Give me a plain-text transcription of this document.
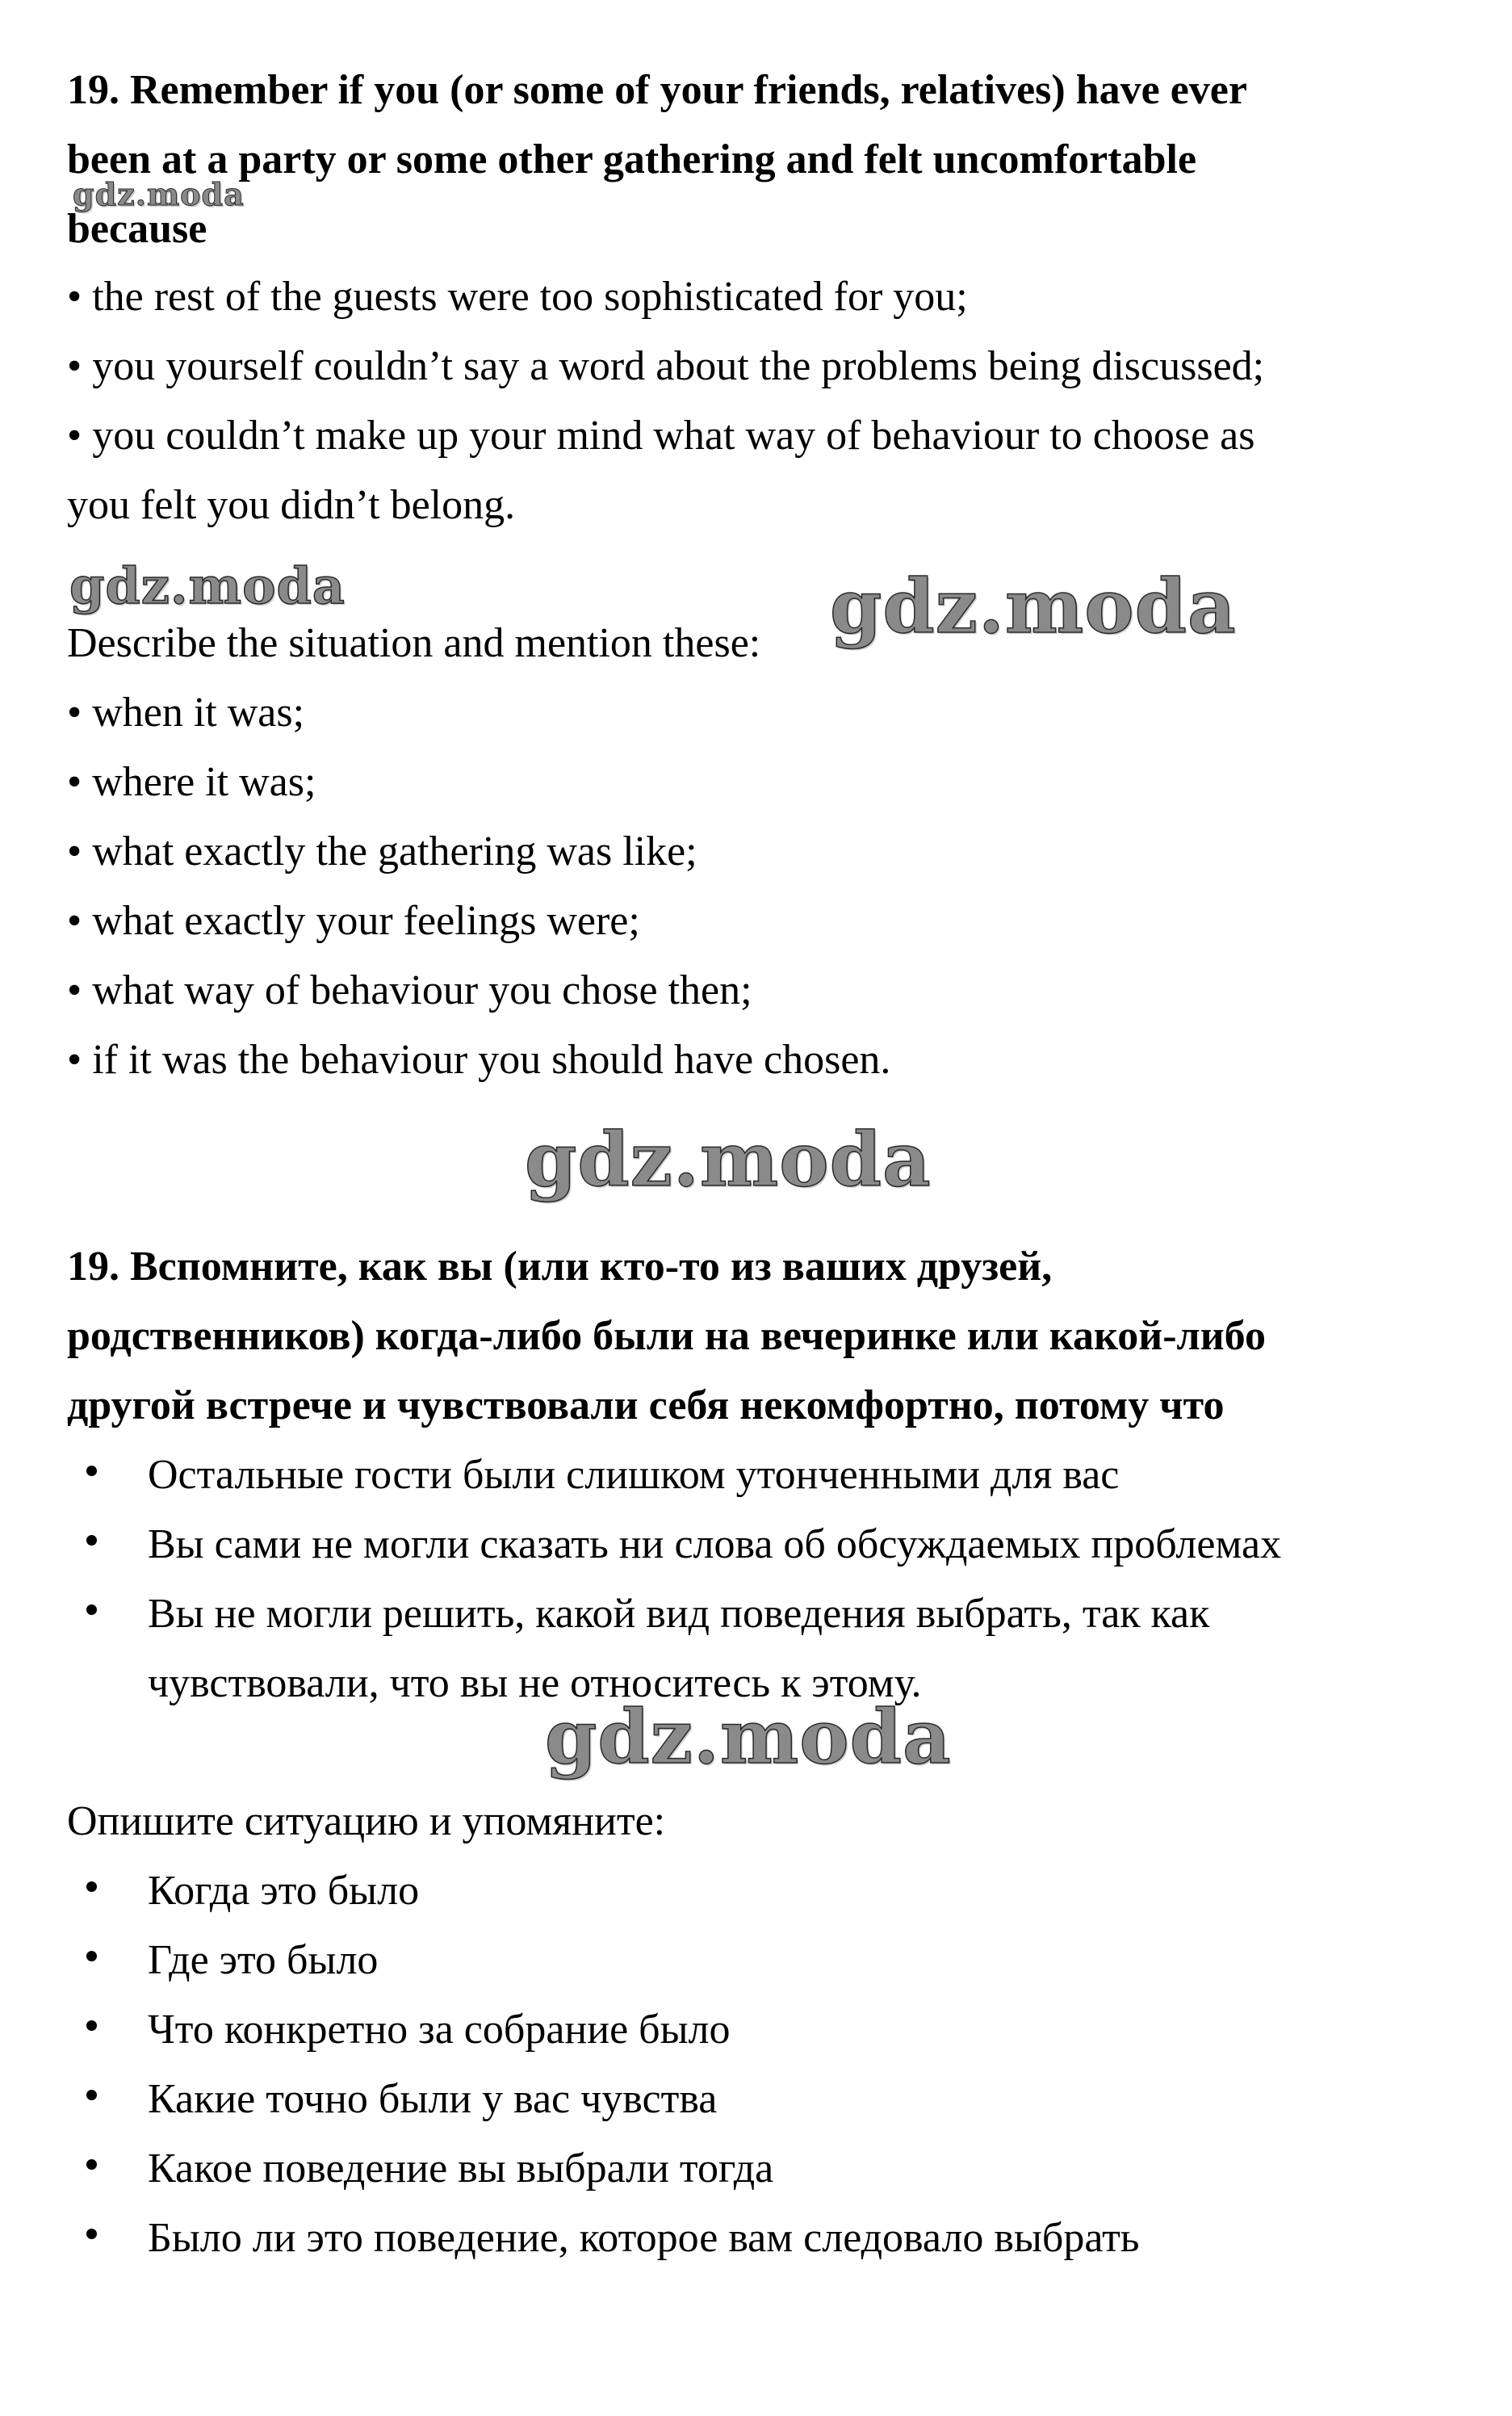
19. Remember if you (or some of your friends, relatives) have ever
been at a party or some other gathering and felt uncomfortable
because
• the rest of the guests were too sophisticated for you;
• you yourself couldn’t say a word about the problems being discussed;
• you couldn’t make up your mind what way of behaviour to choose as
you felt you didn’t belong.
Describe the situation and mention these:
• when it was;
• where it was;
• what exactly the gathering was like;
• what exactly your feelings were;
• what way of behaviour you chose then;
• if it was the behaviour you should have chosen.
19. Вспомните, как вы (или кто-то из ваших друзей,
родственников) когда-либо были на вечеринке или какой-либо
другой встрече и чувствовали себя некомфортно, потому что
Остальные гости были слишком утонченными для вас
Вы сами не могли сказать ни слова об обсуждаемых проблемах
Вы не могли решить, какой вид поведения выбрать, так как
чувствовали, что вы не относитесь к этому.
Опишите ситуацию и упомяните:
Когда это было
Где это было
Что конкретно за собрание было
Какие точно были у вас чувства
Какое поведение вы выбрали тогда
Было ли это поведение, которое вам следовало выбрать
gdz.moda
gdz.moda	gdz.moda
gdz.moda
gdz.moda
